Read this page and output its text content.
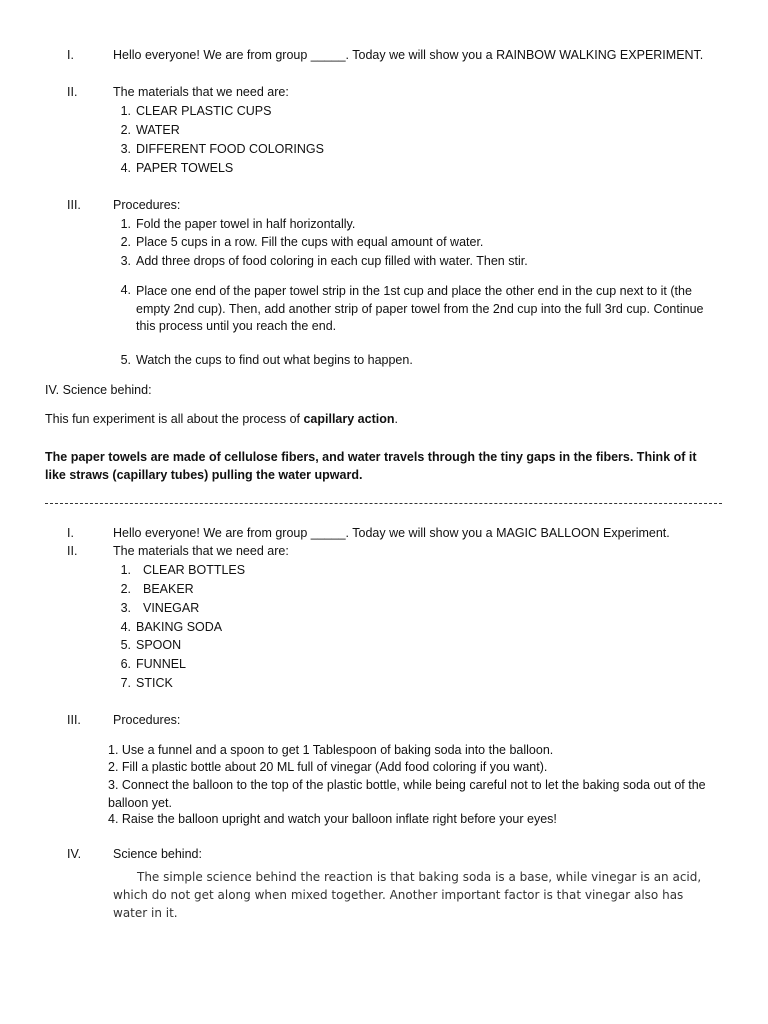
I.	Hello everyone! We are from group _____. Today we will show you a RAINBOW WALKING EXPERIMENT.
II.	The materials that we need are:
1. CLEAR PLASTIC CUPS
2. WATER
3. DIFFERENT FOOD COLORINGS
4. PAPER TOWELS
III.	Procedures:
1. Fold the paper towel in half horizontally.
2. Place 5 cups in a row. Fill the cups with equal amount of water.
3. Add three drops of food coloring in each cup filled with water. Then stir.
4. Place one end of the paper towel strip in the 1st cup and place the other end in the cup next to it (the empty 2nd cup). Then, add another strip of paper towel from the 2nd cup into the full 3rd cup. Continue this process until you reach the end.
5. Watch the cups to find out what begins to happen.
IV. Science behind:
This fun experiment is all about the process of capillary action.
The paper towels are made of cellulose fibers, and water travels through the tiny gaps in the fibers. Think of it like straws (capillary tubes) pulling the water upward.
I.	Hello everyone! We are from group _____. Today we will show you a MAGIC BALLOON Experiment.
II.	The materials that we need are:
1. CLEAR BOTTLES
2. BEAKER
3. VINEGAR
4. BAKING SODA
5. SPOON
6. FUNNEL
7. STICK
III.	Procedures:
1. Use a funnel and a spoon to get 1 Tablespoon of baking soda into the balloon.
2. Fill a plastic bottle about 20 ML full of vinegar (Add food coloring if you want).
3. Connect the balloon to the top of the plastic bottle, while being careful not to let the baking soda out of the balloon yet.
4. Raise the balloon upright and watch your balloon inflate right before your eyes!
IV.	Science behind:
The simple science behind the reaction is that baking soda is a base, while vinegar is an acid, which do not get along when mixed together. Another important factor is that vinegar also has water in it.
